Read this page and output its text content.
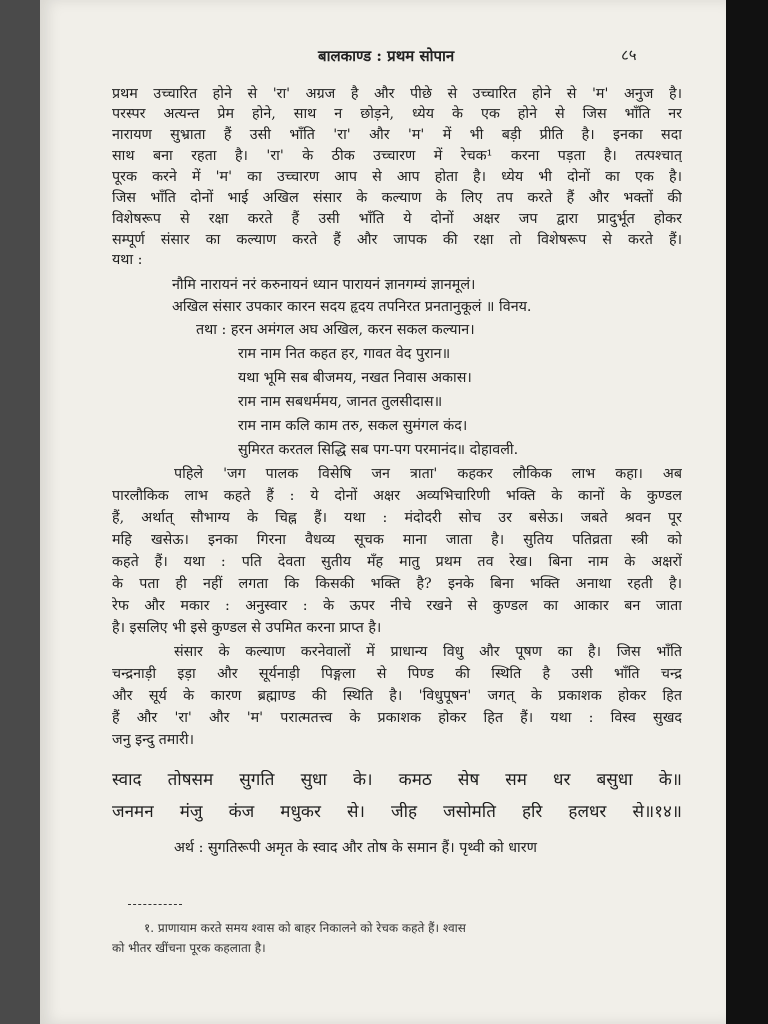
बालकाण्ड : प्रथम सोपान	८५
प्रथम उच्चारित होने से 'रा' अग्रज है और पीछे से उच्चारित होने से 'म' अनुज है।
परस्पर अत्यन्त प्रेम होने, साथ न छोड़ने, ध्येय के एक होने से जिस भाँति नर
नारायण सुभ्राता हैं उसी भाँति 'रा' और 'म' में भी बड़ी प्रीति है। इनका सदा
साथ बना रहता है। 'रा' के ठीक उच्चारण में रेचक¹ करना पड़ता है। तत्पश्चात्
पूरक करने में 'म' का उच्चारण आप से आप होता है। ध्येय भी दोनों का एक है।
जिस भाँति दोनों भाई अखिल संसार के कल्याण के लिए तप करते हैं और भक्तों की
विशेषरूप से रक्षा करते हैं उसी भाँति ये दोनों अक्षर जप द्वारा प्रादुर्भूत होकर
सम्पूर्ण संसार का कल्याण करते हैं और जापक की रक्षा तो विशेषरूप से करते हैं।
यथा :
नौमि नारायनं नरं करुनायनं ध्यान पारायनं ज्ञानगम्यं ज्ञानमूलं।
अखिल संसार उपकार कारन सदय हृदय तपनिरत प्रनतानुकूलं ॥ विनय.
तथा : हरन अमंगल अघ अखिल, करन सकल कल्यान।
राम नाम नित कहत हर, गावत वेद पुरान॥
यथा भूमि सब बीजमय, नखत निवास अकास।
राम नाम सबधर्ममय, जानत तुलसीदास॥
राम नाम कलि काम तरु, सकल सुमंगल कंद।
सुमिरत करतल सिद्धि सब पग-पग परमानंद॥ दोहावली.
पहिले 'जग पालक विसेषि जन त्राता' कहकर लौकिक लाभ कहा। अब
पारलौकिक लाभ कहते हैं : ये दोनों अक्षर अव्यभिचारिणी भक्ति के कानों के कुण्डल
हैं, अर्थात् सौभाग्य के चिह्न हैं। यथा : मंदोदरी सोच उर बसेऊ। जबते श्रवन पूर
महि खसेऊ। इनका गिरना वैधव्य सूचक माना जाता है। सुतिय पतिव्रता स्त्री को
कहते हैं। यथा : पति देवता सुतीय मँह मातु प्रथम तव रेख। बिना नाम के अक्षरों
के पता ही नहीं लगता कि किसकी भक्ति है? इनके बिना भक्ति अनाथा रहती है।
रेफ और मकार : अनुस्वार : के ऊपर नीचे रखने से कुण्डल का आकार बन जाता
है। इसलिए भी इसे कुण्डल से उपमित करना प्राप्त है।
संसार के कल्याण करनेवालों में प्राधान्य विधु और पूषण का है। जिस भाँति
चन्द्रनाड़ी इड़ा और सूर्यनाड़ी पिङ्गला से पिण्ड की स्थिति है उसी भाँति चन्द्र
और सूर्य के कारण ब्रह्माण्ड की स्थिति है। 'विधुपूषन' जगत् के प्रकाशक होकर हित
हैं और 'रा' और 'म' परात्मतत्त्व के प्रकाशक होकर हित हैं। यथा : विस्व सुखद
जनु इन्दु तमारी।
स्वाद तोषसम सुगति सुधा के। कमठ सेष सम धर बसुधा के॥
जनमन मंजु कंज मधुकर से। जीह जसोमति हरि हलधर से॥१४॥
अर्थ : सुगतिरूपी अमृत के स्वाद और तोष के समान हैं। पृथ्वी को धारण
१. प्राणायाम करते समय श्वास को बाहर निकालने को रेचक कहते हैं। श्वास
को भीतर खींचना पूरक कहलाता है।
